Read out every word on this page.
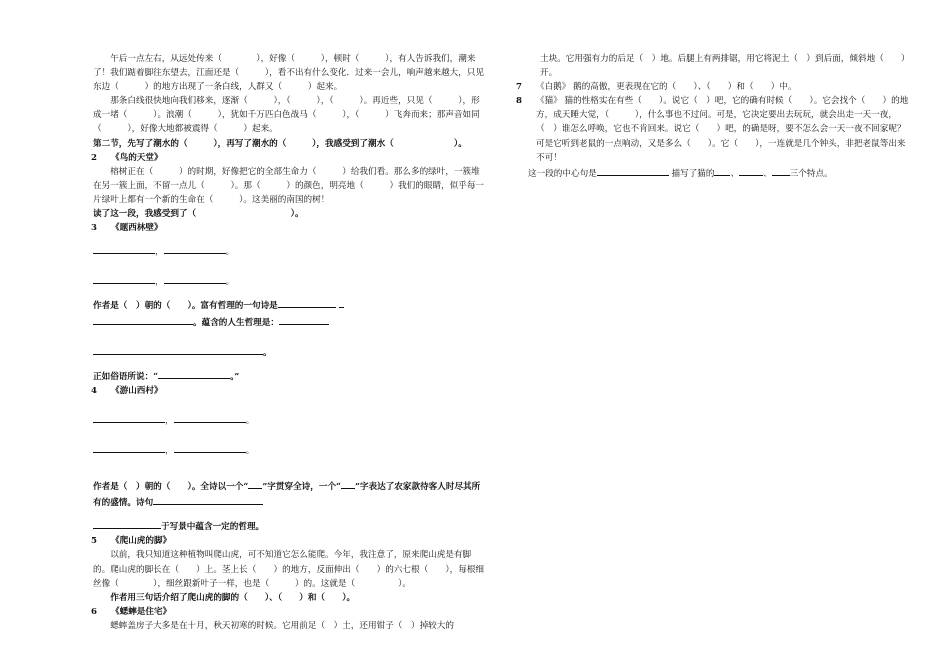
午后一点左右，从远处传来（　　　　），好像（　　　），顿时（　　　），有人告诉我们，潮来了！我们踮着脚往东望去，江面还是（　　　），看不出有什么变化．过来一会儿，响声越来越大，只见东边（　　　）的地方出现了一条白线，人群又（　　　）起来。

那条白线很快地向我们移来，逐渐（　　　），（　　　），（　　　）。再近些，只见（　　　），形成一堵（　　　）。浪潮（　　　），犹如千万匹白色战马（　　　），（　　　）飞奔而来；那声音如同（　　　），好像大地都被震得（　　　）起来。

第二节，先写了潮水的（　　　），再写了潮水的（　　　），我感受到了潮水（　　　　　　　）。

2 《鸟的天堂》

榕树正在（　　　）的时期，好像把它的全部生命力（　　　）给我们看。那么多的绿叶，一簇堆在另一簇上面，不留一点儿（　　　）。那（　　　）的颜色，明亮地（　　　）我们的眼睛，似乎每一片绿叶上都有一个新的生命在（　　　）。这美丽的南国的树！

读了这一段，我感受到了（　　　　　　　　　　　）。

3 《题西林壁》

，	。

，	。

作者是（　）朝的（　　）。富有哲理的一句诗是

。蕴含的人生哲理是：

。

正如俗语所说：“	。”

4 《游山西村》

，	。

，	。

作者是（　）朝的（　　）。全诗以一个“ ”字贯穿全诗，一个“ ”字表达了农家款待客人时尽其所有的盛情。诗句

于写景中蕴含一定的哲理。

5 《爬山虎的脚》

以前，我只知道这种植物叫爬山虎，可不知道它怎么能爬。今年，我注意了，原来爬山虎是有脚的。爬山虎的脚长在（　　）上。茎上长（　　）的地方，反面伸出（　　）的六七根（　　），每根细丝像（　　　　），细丝跟新叶子一样，也是（　　　）的。这就是（　　　　　）。

作者用三句话介绍了爬山虎的脚的（　　）、（　　）和（　　）。

6 《蟋蟀是住宅》

蟋蟀盖房子大多是在十月，秋天初寒的时候。它用前足（　）土，还用钳子（　）掉较大的

土块。它用强有力的后足（　）地。后腿上有两排锯，用它将泥土（　）到后面，倾斜地（　　）开。

7 《白鹅》 鹅的高傲，更表现在它的（　　）、（　　）和（　　）中。
8 《猫》 猫的性格实在有些（　　）。说它（　）吧，它的确有时候（　　）。它会找个（　　）的地方，成天睡大觉，（　　　），什么事也不过问。可是，它决定要出去玩玩，就会出走一天一夜，（　）谁怎么呼唤，它也不肯回来。说它（　　）吧，的确是呀，要不怎么会一天一夜不回家呢？可是它听到老鼠的一点响动，又是多么（　　）。它（　　），一连就是几个钟头，非把老鼠等出来不可！

这一段的中心句是	描写了猫的 、	、 三个特点。
